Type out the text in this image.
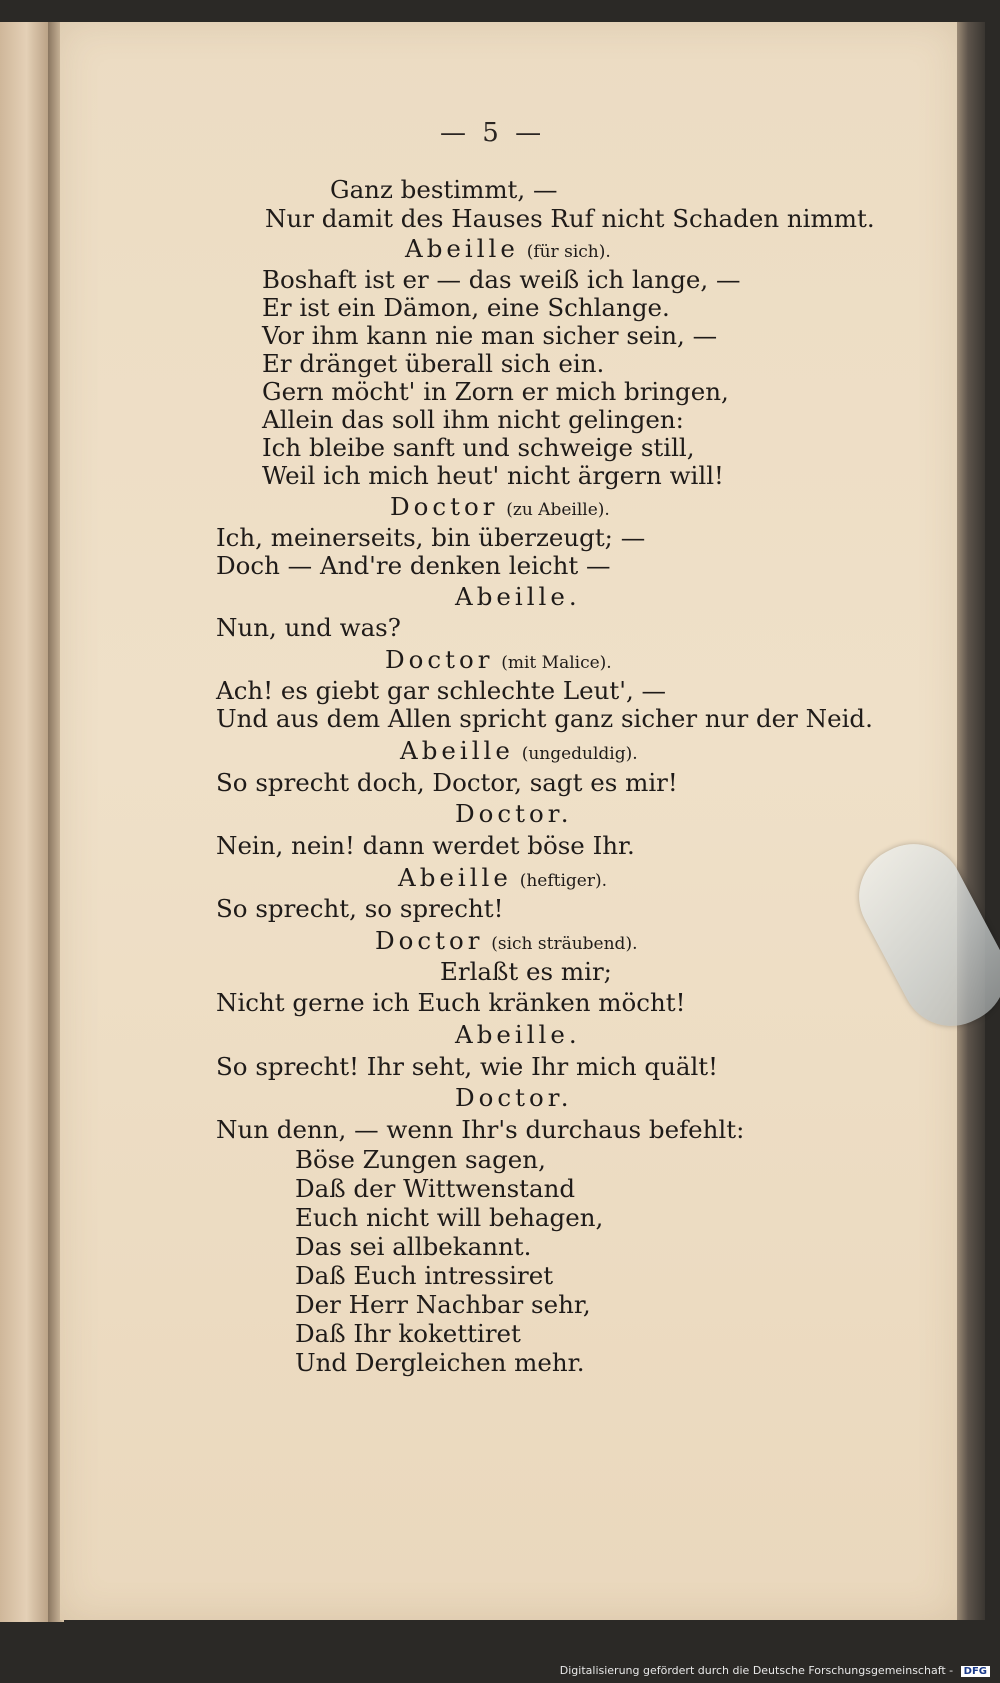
— 5 —
Ganz bestimmt, —
Nur damit des Hauses Ruf nicht Schaden nimmt.
Abeille (für sich).
Boshaft ist er — das weiß ich lange, —
Er ist ein Dämon, eine Schlange.
Vor ihm kann nie man sicher sein, —
Er dränget überall sich ein.
Gern möcht' in Zorn er mich bringen,
Allein das soll ihm nicht gelingen:
Ich bleibe sanft und schweige still,
Weil ich mich heut' nicht ärgern will!
Doctor (zu Abeille).
Ich, meinerseits, bin überzeugt; —
Doch — And're denken leicht —
Abeille.
Nun, und was?
Doctor (mit Malice).
Ach! es giebt gar schlechte Leut', —
Und aus dem Allen spricht ganz sicher nur der Neid.
Abeille (ungeduldig).
So sprecht doch, Doctor, sagt es mir!
Doctor.
Nein, nein! dann werdet böse Ihr.
Abeille (heftiger).
So sprecht, so sprecht!
Doctor (sich sträubend).
Erlaßt es mir;
Nicht gerne ich Euch kränken möcht!
Abeille.
So sprecht! Ihr seht, wie Ihr mich quält!
Doctor.
Nun denn, — wenn Ihr's durchaus befehlt:
Böse Zungen sagen,
Daß der Wittwenstand
Euch nicht will behagen,
Das sei allbekannt.
Daß Euch intressiret
Der Herr Nachbar sehr,
Daß Ihr kokettiret
Und Dergleichen mehr.
Digitalisierung gefördert durch die Deutsche Forschungsgemeinschaft - DFG
